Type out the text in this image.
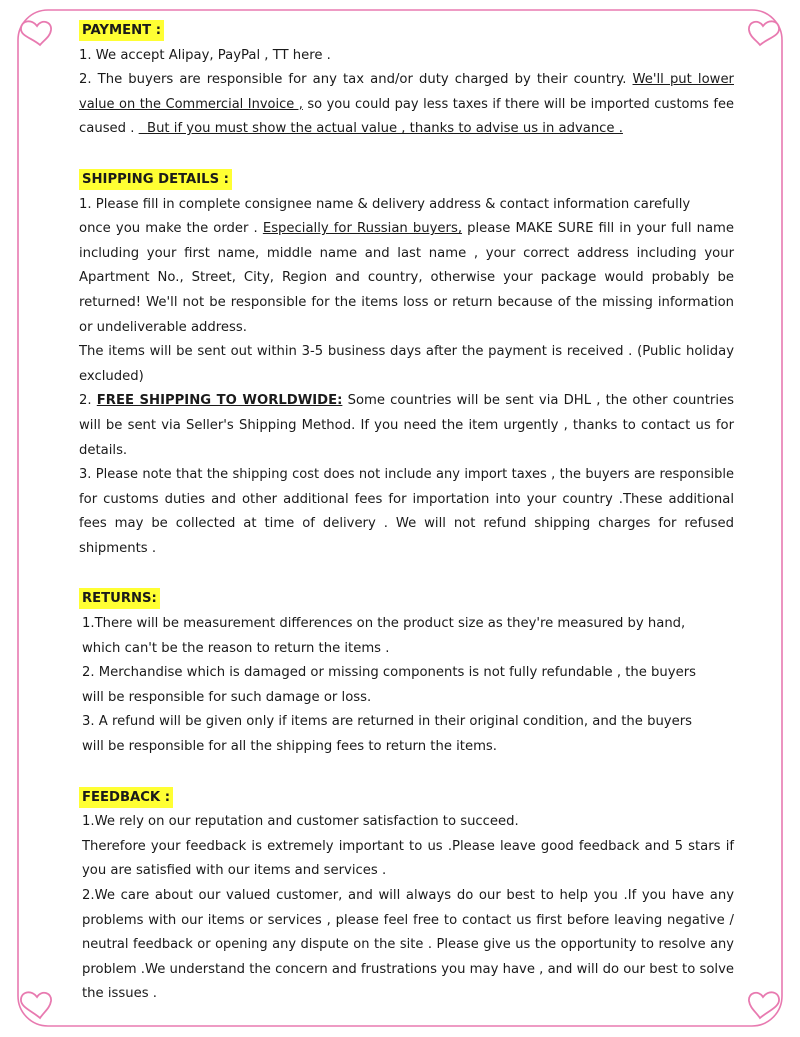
PAYMENT :
1. We accept Alipay, PayPal , TT here .
2. The buyers are responsible for any tax and/or duty charged by their country. We'll put lower
value on the Commercial Invoice , so you could pay less taxes if there will be imported customs fee
caused . But if you must show the actual value , thanks to advise us in advance .
SHIPPING DETAILS :
1. Please fill in complete consignee name & delivery address & contact information carefully
once you make the order . Especially for Russian buyers, please MAKE SURE fill in your full name
including your first name, middle name and last name , your correct address including your
Apartment No., Street, City, Region and country, otherwise your package would probably be
returned! We'll not be responsible for the items loss or return because of the missing information
or undeliverable address.
The items will be sent out within 3-5 business days after the payment is received . (Public holiday
excluded)
2. FREE SHIPPING TO WORLDWIDE: Some countries will be sent via DHL , the other countries
will be sent via Seller's Shipping Method. If you need the item urgently , thanks to contact us for
details.
3. Please note that the shipping cost does not include any import taxes , the buyers are responsible
for customs duties and other additional fees for importation into your country .These additional
fees may be collected at time of delivery . We will not refund shipping charges for refused
shipments .
RETURNS:
1.There will be measurement differences on the product size as they're measured by hand,
which can't be the reason to return the items .
2. Merchandise which is damaged or missing components is not fully refundable , the buyers
will be responsible for such damage or loss.
3. A refund will be given only if items are returned in their original condition, and the buyers
will be responsible for all the shipping fees to return the items.
FEEDBACK :
1.We rely on our reputation and customer satisfaction to succeed.
Therefore your feedback is extremely important to us .Please leave good feedback and 5 stars if
you are satisfied with our items and services .
2.We care about our valued customer, and will always do our best to help you .If you have any
problems with our items or services , please feel free to contact us first before leaving negative /
neutral feedback or opening any dispute on the site . Please give us the opportunity to resolve any
problem .We understand the concern and frustrations you may have , and will do our best to solve
the issues .
